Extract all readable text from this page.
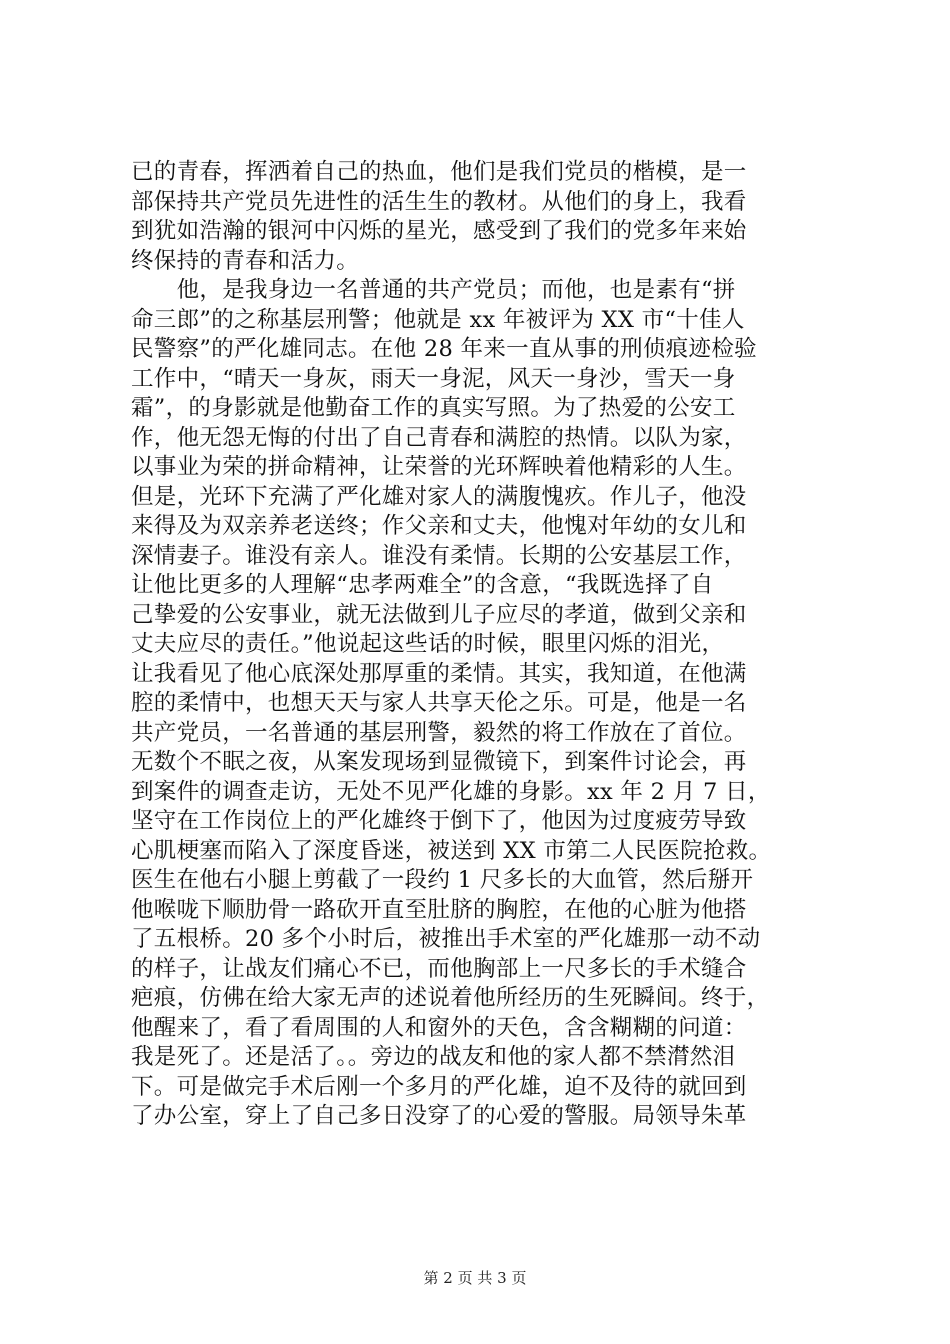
已的青春，挥洒着自己的热血，他们是我们党员的楷模，是一
部保持共产党员先进性的活生生的教材。从他们的身上，我看
到犹如浩瀚的银河中闪烁的星光，感受到了我们的党多年来始
终保持的青春和活力。
　　他，是我身边一名普通的共产党员；而他，也是素有“拼
命三郎”的之称基层刑警；他就是 xx 年被评为 XX 市“十佳人
民警察”的严化雄同志。在他 28 年来一直从事的刑侦痕迹检验
工作中，“晴天一身灰，雨天一身泥，风天一身沙，雪天一身
霜”，的身影就是他勤奋工作的真实写照。为了热爱的公安工
作，他无怨无悔的付出了自己青春和满腔的热情。以队为家，
以事业为荣的拼命精神，让荣誉的光环辉映着他精彩的人生。
但是，光环下充满了严化雄对家人的满腹愧疚。作儿子，他没
来得及为双亲养老送终；作父亲和丈夫，他愧对年幼的女儿和
深情妻子。谁没有亲人。谁没有柔情。长期的公安基层工作，
让他比更多的人理解“忠孝两难全”的含意，“我既选择了自
己挚爱的公安事业，就无法做到儿子应尽的孝道，做到父亲和
丈夫应尽的责任。”他说起这些话的时候，眼里闪烁的泪光，
让我看见了他心底深处那厚重的柔情。其实，我知道，在他满
腔的柔情中，也想天天与家人共享天伦之乐。可是，他是一名
共产党员，一名普通的基层刑警，毅然的将工作放在了首位。
无数个不眠之夜，从案发现场到显微镜下，到案件讨论会，再
到案件的调查走访，无处不见严化雄的身影。xx 年 2 月 7 日，
坚守在工作岗位上的严化雄终于倒下了，他因为过度疲劳导致
心肌梗塞而陷入了深度昏迷，被送到 XX 市第二人民医院抢救。
医生在他右小腿上剪截了一段约 1 尺多长的大血管，然后掰开
他喉咙下顺肋骨一路砍开直至肚脐的胸腔，在他的心脏为他搭
了五根桥。20 多个小时后，被推出手术室的严化雄那一动不动
的样子，让战友们痛心不已，而他胸部上一尺多长的手术缝合
疤痕，仿佛在给大家无声的述说着他所经历的生死瞬间。终于，
他醒来了，看了看周围的人和窗外的天色，含含糊糊的问道：
我是死了。还是活了。。旁边的战友和他的家人都不禁潸然泪
下。可是做完手术后刚一个多月的严化雄，迫不及待的就回到
了办公室，穿上了自己多日没穿了的心爱的警服。局领导朱革
第 2 页 共 3 页
